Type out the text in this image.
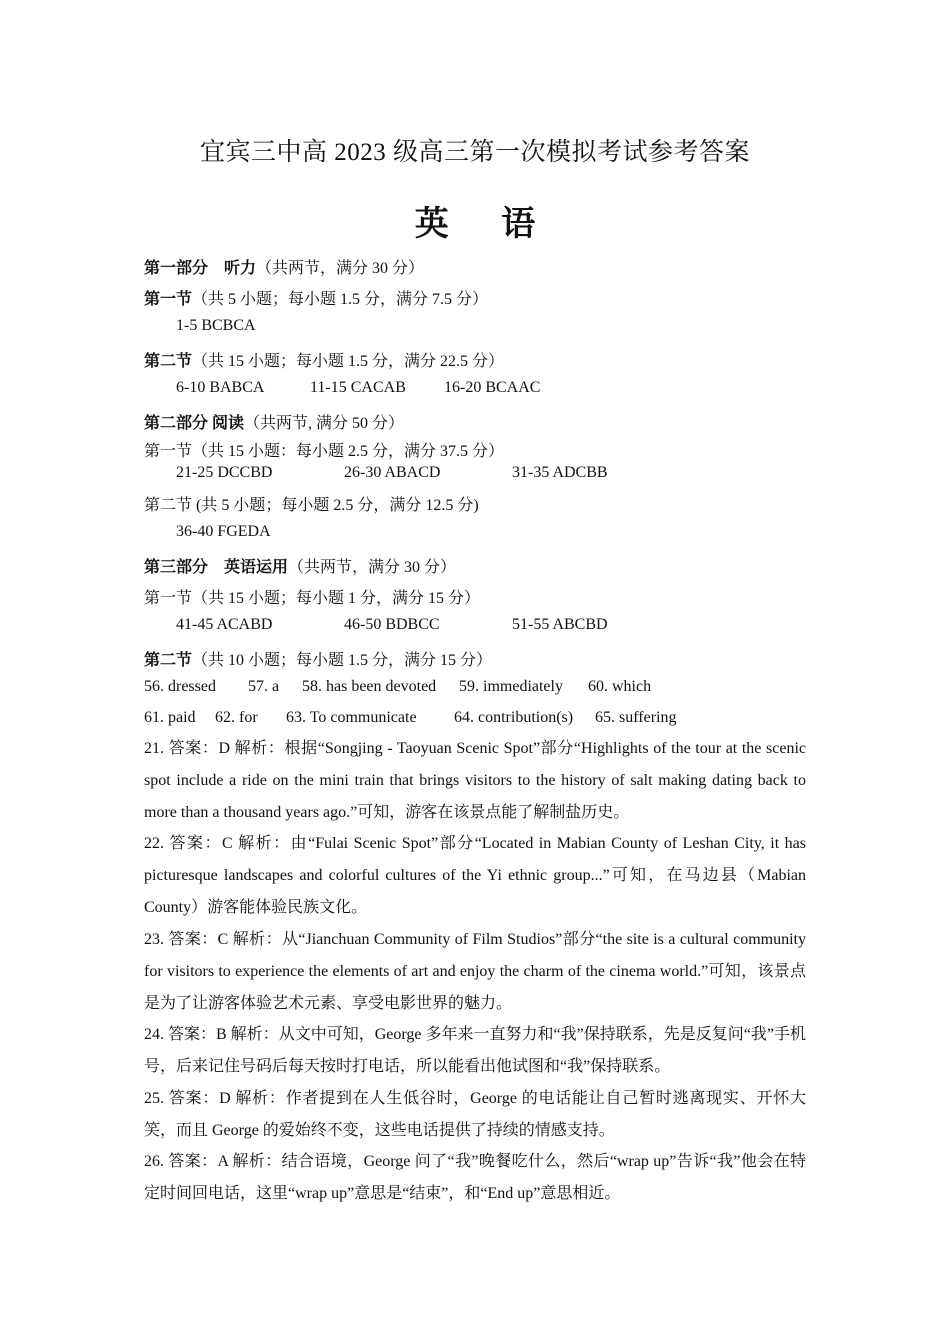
宜宾三中高 2023 级高三第一次模拟考试参考答案
英 语
第一部分　听力（共两节，满分 30 分）
第一节（共 5 小题；每小题 1.5 分，满分 7.5 分）
1-5 BCBCA
第二节（共 15 小题；每小题 1.5 分，满分 22.5 分）
6-10 BABCA	11-15 CACAB 16-20 BCAAC
第二部分 阅读（共两节, 满分 50 分）
第一节（共 15 小题：每小题 2.5 分，满分 37.5 分）
21-25 DCCBD	26-30 ABACD	31-35 ADCBB
第二节 (共 5 小题；每小题 2.5 分，满分 12.5 分)
36-40 FGEDA
第三部分　英语运用（共两节，满分 30 分）
第一节（共 15 小题；每小题 1 分，满分 15 分）
41-45 ACABD	46-50 BDBCC	51-55 ABCBD
第二节（共 10 小题；每小题 1.5 分，满分 15 分）
56. dressed 57. a 58. has been devoted 59. immediately 60. which
61. paid 62. for 63. To communicate 64. contribution(s) 65. suffering
21. 答案：D 解析：根据“Songjing - Taoyuan Scenic Spot”部分“Highlights of the tour at the scenic spot include a ride on the mini train that brings visitors to the history of salt making dating back to more than a thousand years ago.”可知，游客在该景点能了解制盐历史。
22. 答案：C 解析：由“Fulai Scenic Spot”部分“Located in Mabian County of Leshan City, it has picturesque landscapes and colorful cultures of the Yi ethnic group...”可知，在马边县（Mabian County）游客能体验民族文化。
23. 答案：C 解析：从“Jianchuan Community of Film Studios”部分“the site is a cultural community for visitors to experience the elements of art and enjoy the charm of the cinema world.”可知，该景点是为了让游客体验艺术元素、享受电影世界的魅力。
24. 答案：B 解析：从文中可知，George 多年来一直努力和“我”保持联系，先是反复问“我”手机号，后来记住号码后每天按时打电话，所以能看出他试图和“我”保持联系。
25. 答案：D 解析：作者提到在人生低谷时，George 的电话能让自己暂时逃离现实、开怀大笑，而且 George 的爱始终不变，这些电话提供了持续的情感支持。
26. 答案：A 解析：结合语境，George 问了“我”晚餐吃什么，然后“wrap up”告诉“我”他会在特定时间回电话，这里“wrap up”意思是“结束”，和“End up”意思相近。
